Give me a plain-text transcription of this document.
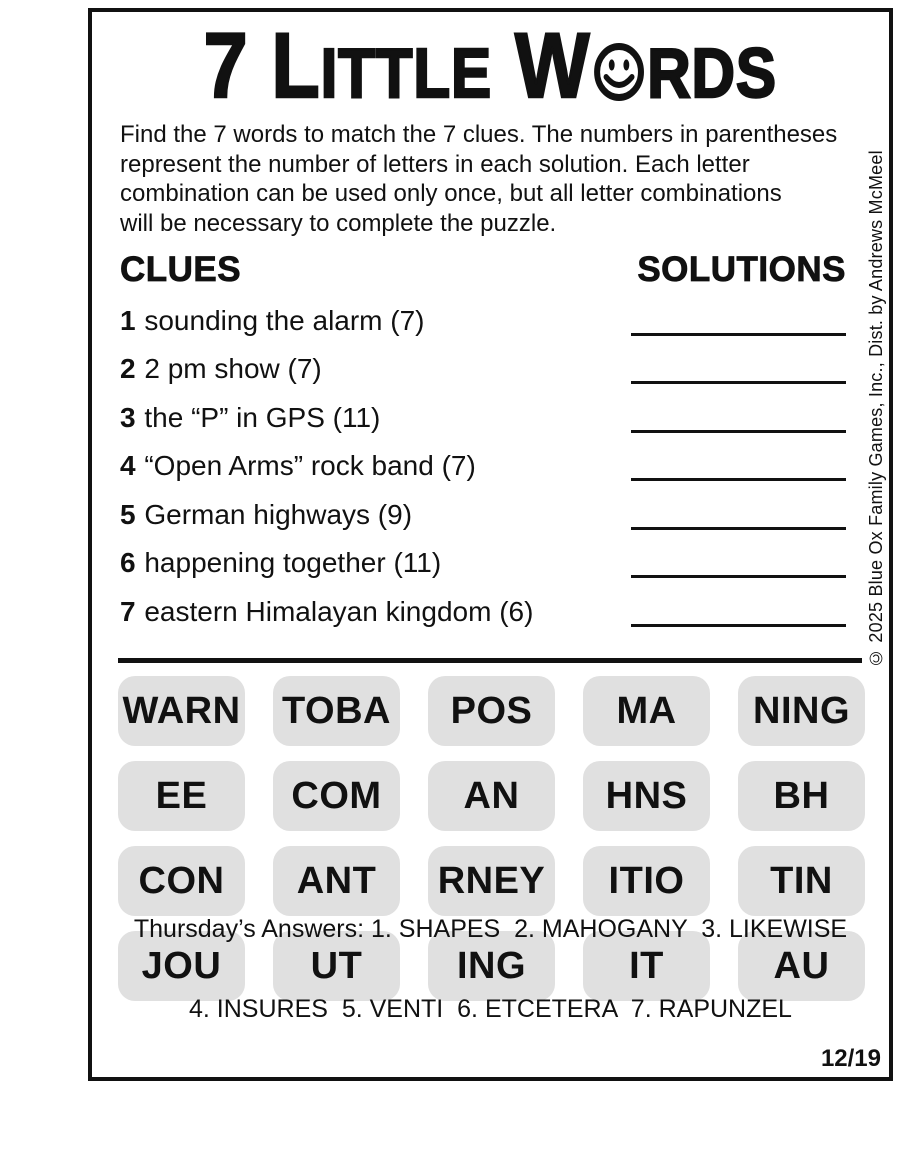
7 LITTLE W RDS
Find the 7 words to match the 7 clues. The numbers in parentheses
represent the number of letters in each solution. Each letter
combination can be used only once, but all letter combinations
will be necessary to complete the puzzle.	© 2025 Blue Ox Family Games, Inc., Dist. by Andrews McMeel
CLUES	SOLUTIONS
1 sounding the alarm (7)
2 2 pm show (7)
3 the “P” in GPS (11)
4 “Open Arms” rock band (7)
5 German highways (9)
6 happening together (11)
7 eastern Himalayan kingdom (6)
WARN TOBA	POS	MA	NING
EE	COM	AN	HNS	BH
CON	ANT	RNEY	ITIO	TIN
JOU	UT	ING	IT	AU

Thursday’s Answers: 1. SHAPES  2. MAHOGANY  3. LIKEWISE

4. INSURES  5. VENTI  6. ETCETERA  7. RAPUNZEL

12/19
